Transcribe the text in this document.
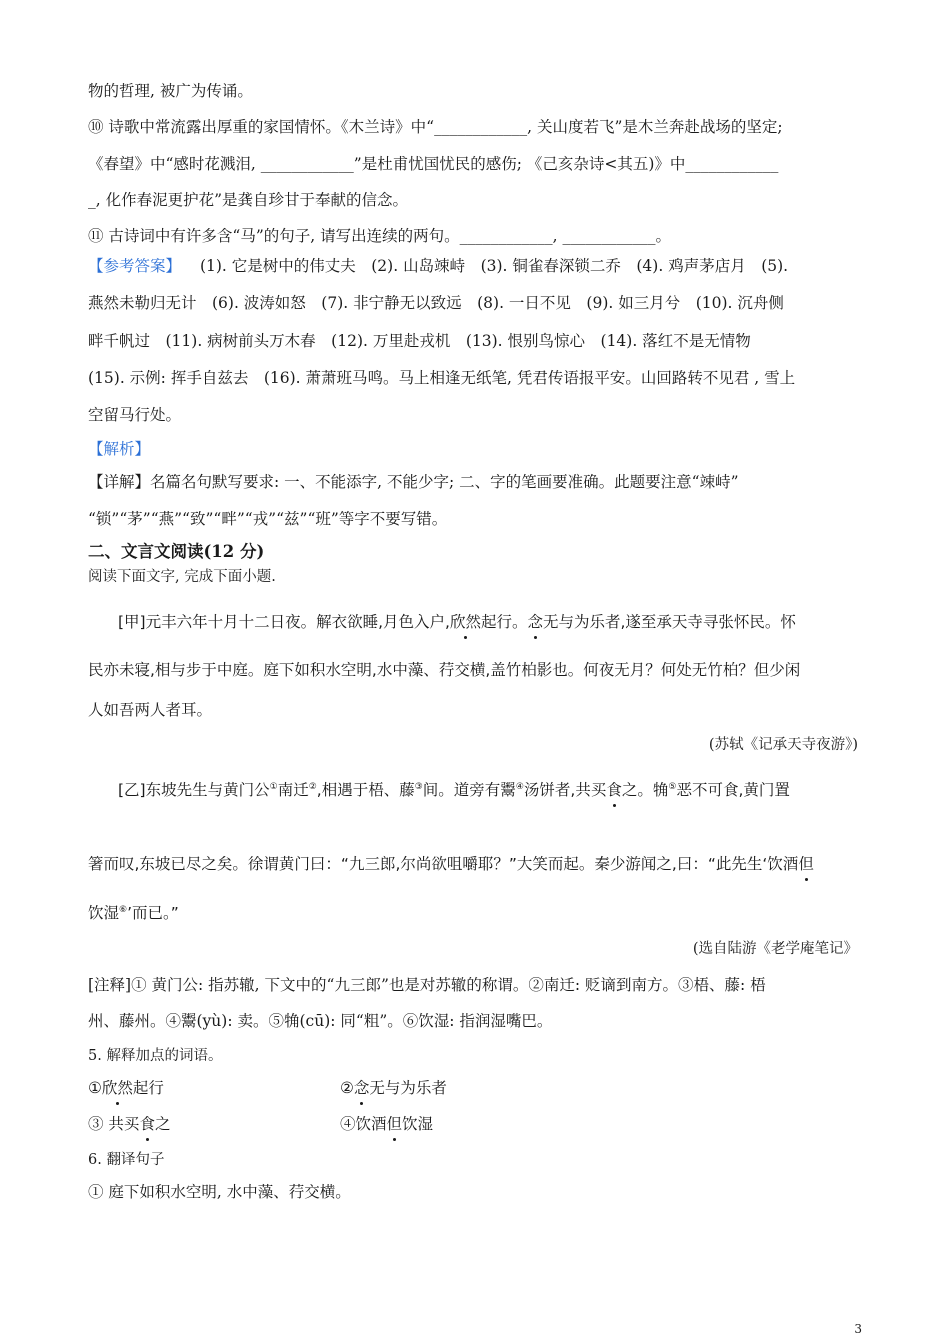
物的哲理, 被广为传诵。
⑩ 诗歌中常流露出厚重的家国情怀。《木兰诗》中“____________, 关山度若飞”是木兰奔赴战场的坚定;
《春望》中“感时花溅泪, ____________”是杜甫忧国忧民的感伤; 《己亥杂诗<其五)》中____________
_, 化作春泥更护花”是龚自珍甘于奉献的信念。
⑪ 古诗词中有许多含“马”的句子, 请写出连续的两句。____________, ____________。
【参考答案】 (1). 它是树中的伟丈夫　(2). 山岛竦峙　(3). 铜雀春深锁二乔　(4). 鸡声茅店月　(5).
燕然未勒归无计　(6). 波涛如怒　(7). 非宁静无以致远　(8). 一日不见　(9). 如三月兮　(10). 沉舟侧
畔千帆过　(11). 病树前头万木春　(12). 万里赴戎机　(13). 恨别鸟惊心　(14). 落红不是无情物
(15). 示例: 挥手自兹去　(16). 萧萧班马鸣。马上相逢无纸笔, 凭君传语报平安。山回路转不见君 , 雪上
空留马行处。
【解析】
【详解】名篇名句默写要求: 一、不能添字, 不能少字; 二、字的笔画要准确。此题要注意“竦峙”
“锁”“茅”“燕”“致”“畔”“戎”“兹”“班”等字不要写错。
二、文言文阅读(12 分)
阅读下面文字, 完成下面小题.
[甲]元丰六年十月十二日夜。解衣欲睡,月色入户,欣然起行。念无与为乐者,遂至承天寺寻张怀民。怀
民亦未寝,相与步于中庭。庭下如积水空明,水中藻、荇交横,盖竹柏影也。何夜无月？何处无竹柏？但少闲
人如吾两人者耳。
(苏轼《记承天寺夜游》)
[乙]东坡先生与黄门公①南迁②,相遇于梧、藤③间。道旁有鬻④汤饼者,共买食之。觕⑤恶不可食,黄门置
箸而叹,东坡已尽之矣。徐谓黄门曰：“九三郎,尔尚欲咀嚼耶？”大笑而起。秦少游闻之,曰：“此先生‘饮酒但
饮湿⑥’而已。”
(选自陆游《老学庵笔记》
[注释]① 黄门公: 指苏辙, 下文中的“九三郎”也是对苏辙的称谓。②南迁: 贬谪到南方。③梧、藤: 梧
州、藤州。④鬻(yù): 卖。⑤觕(cū): 同“粗”。⑥饮湿: 指润湿嘴巴。
5. 解释加点的词语。
①欣然起行	②念无与为乐者
③ 共买食之	④饮酒但饮湿
6. 翻译句子
① 庭下如积水空明, 水中藻、荇交横。
3
